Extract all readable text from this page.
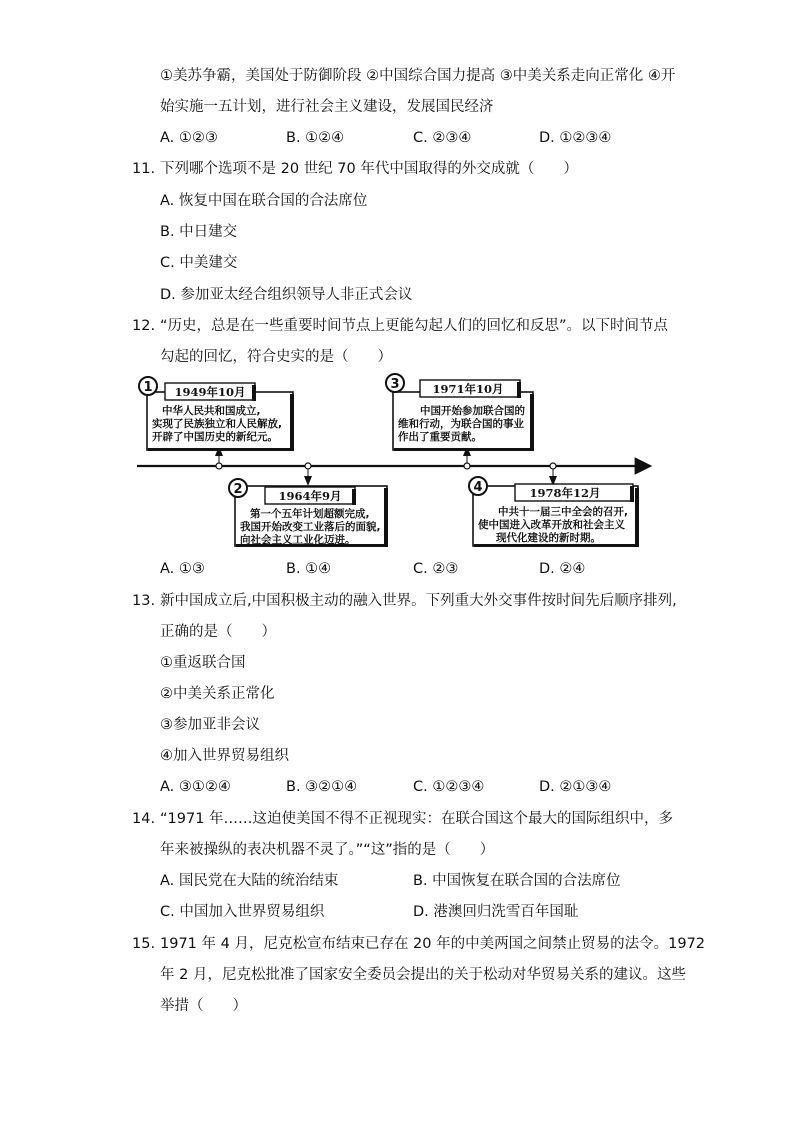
①美苏争霸，美国处于防御阶段 ②中国综合国力提高 ③中美关系走向正常化 ④开
始实施一五计划，进行社会主义建设，发展国民经济
A. ①②③	B. ①②④	C. ②③④	D. ①②③④
11. 下列哪个选项不是 20 世纪 70 年代中国取得的外交成就（　　）
A. 恢复中国在联合国的合法席位
B. 中日建交
C. 中美建交
D. 参加亚太经合组织领导人非正式会议
12. “历史，总是在一些重要时间节点上更能勾起人们的回忆和反思”。以下时间节点
勾起的回忆，符合史实的是（　　）
1 1949年10月
中华人民共和国成立,
实现了民族独立和人民解放,
开辟了中国历史的新纪元。
2	1964年9月
第一个五年计划超额完成,
我国开始改变工业落后的面貌,
向社会主义工业化迈进。
3	1971年10月
中国开始参加联合国的
维和行动，为联合国的事业
作出了重要贡献。
4	1978年12月
中共十一届三中全会的召开,
使中国进入改革开放和社会主义
现代化建设的新时期。
A. ①③	B. ①④	C. ②③	D. ②④
13. 新中国成立后,中国积极主动的融入世界。下列重大外交事件按时间先后顺序排列,
正确的是（　　）
①重返联合国
②中美关系正常化
③参加亚非会议
④加入世界贸易组织
A. ③①②④	B. ③②①④	C. ①②③④	D. ②①③④
14. “1971 年……这迫使美国不得不正视现实：在联合国这个最大的国际组织中，多
年来被操纵的表决机器不灵了。”“这”指的是（　　）
A. 国民党在大陆的统治结束	B. 中国恢复在联合国的合法席位
C. 中国加入世界贸易组织	D. 港澳回归洗雪百年国耻
15. 1971 年 4 月，尼克松宣布结束已存在 20 年的中美两国之间禁止贸易的法令。1972
年 2 月，尼克松批准了国家安全委员会提出的关于松动对华贸易关系的建议。这些
举措（　　）
